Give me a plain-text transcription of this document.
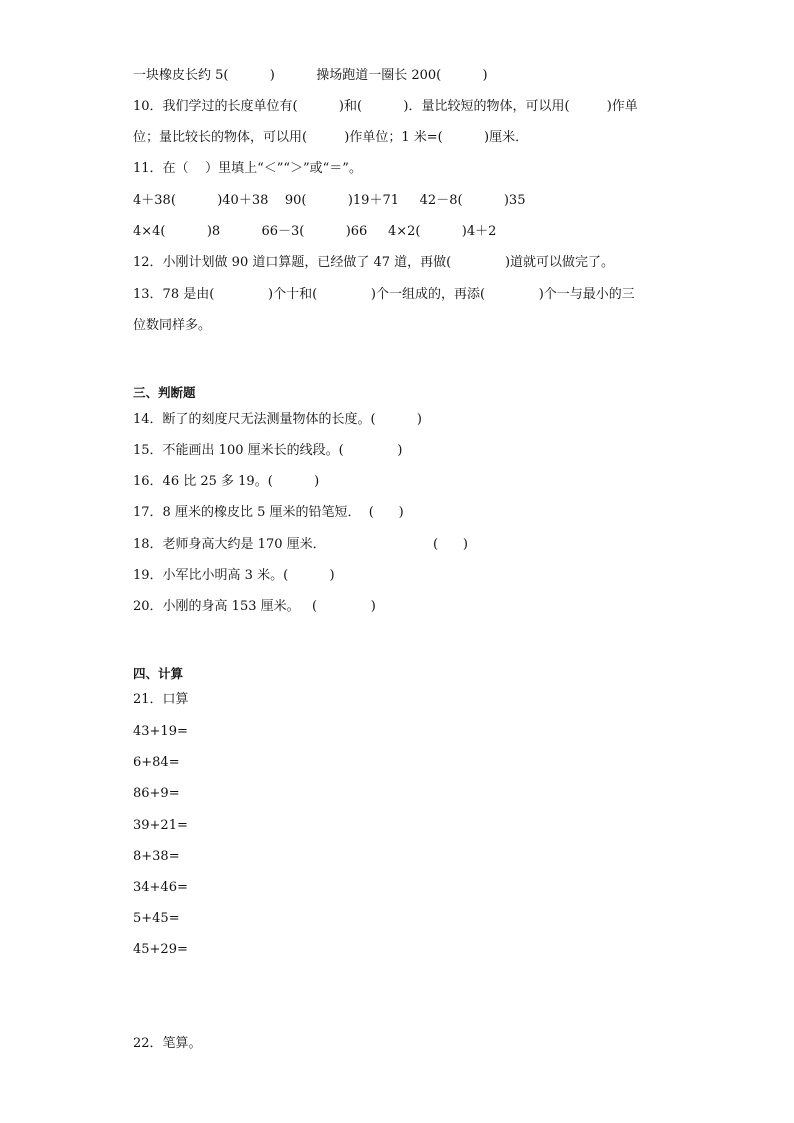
一块橡皮长约 5(          )          操场跑道一圈长 200(          )
10．我们学过的长度单位有(          )和(          )．量比较短的物体，可以用(         )作单
位；量比较长的物体，可以用(         )作单位；1 米=(          )厘米．
11．在（    ）里填上“＜”“＞”或“＝”。
4＋38(          )40＋38    90(          )19＋71     42－8(          )35
4×4(          )8          66－3(          )66     4×2(          )4＋2
12．小刚计划做 90 道口算题，已经做了 47 道，再做(             )道就可以做完了。
13．78 是由(             )个十和(             )个一组成的，再添(             )个一与最小的三
位数同样多。
三、判断题
14．断了的刻度尺无法测量物体的长度。(          )
15．不能画出 100 厘米长的线段。(             )
16．46 比 25 多 19。(          )
17．8 厘米的橡皮比 5 厘米的铅笔短．  (      )
18．老师身高大约是 170 厘米．                          (      )
19．小军比小明高 3 米。(          )
20．小刚的身高 153 厘米。   (             )
四、计算
21．口算
43+19=
6+84=
86+9=
39+21=
8+38=
34+46=
5+45=
45+29=
22．笔算。
